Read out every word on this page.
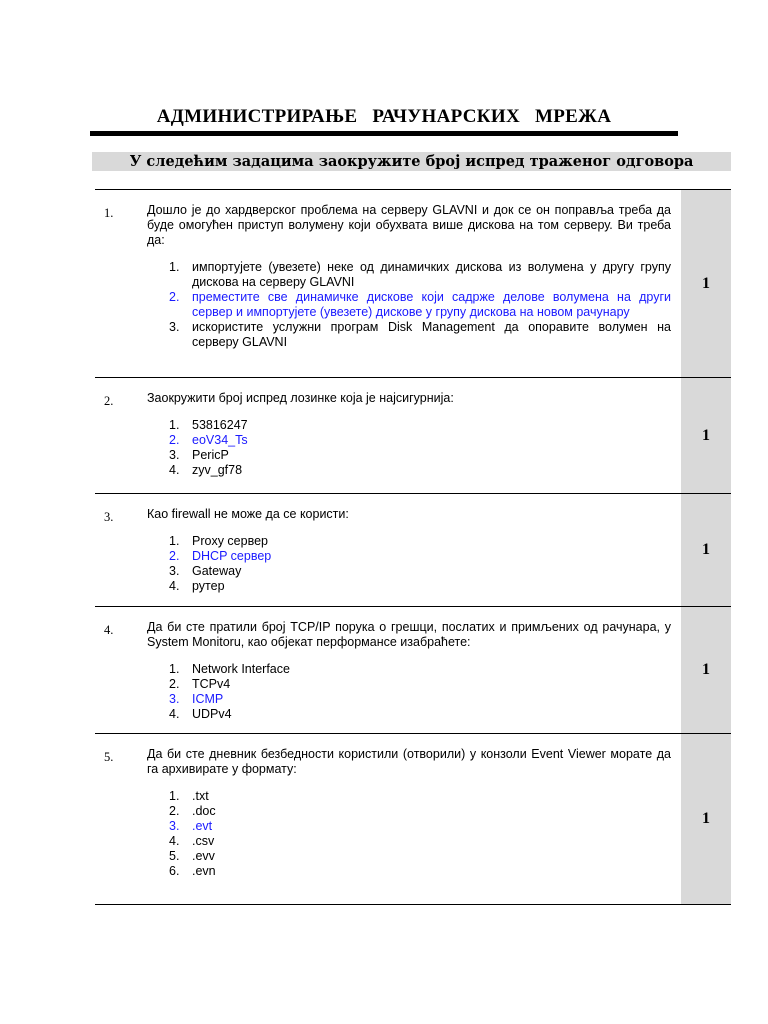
АДМИНИСТРИРАЊЕ РАЧУНАРСКИХ МРЕЖА
У следећим задацима заокружите број испред траженог одговора
1.	Дошло је до хардверског проблема на серверу GLAVNI и док се он поправља треба да буде омогућен приступ волумену који обухвата више дискова на том серверу. Ви треба да:
1. импортујете (увезете) неке од динамичких дискова из волумена у другу групу дискова на серверу GLAVNI
2. преместите све динамичке дискове који садрже делове волумена на други сервер и импортујете (увезете) дискове у групу дискова на новом рачунару
3. искористите услужни програм Disk Management да опоравите волумен на серверу GLAVNI
1
2.	Заокружити број испред лозинке која је најсигурнија:
1. 53816247
2. eoV34_Ts
3. PericP
4. zyv_gf78
1
3.	Као firewall не може да се користи:
1. Proxy сервер
2. DHCP сервер
3. Gateway
4. рутер
1
4.	Да би сте пратили број TCP/IP порука о грешци, послатих и примљених од рачунара, у System Monitoru, као објекат перформансе изабраћете:
1. Network Interface
2. TCPv4
3. ICMP
4. UDPv4
1
5.	Да би сте дневник безбедности користили (отворили) у конзоли Event Viewer морате да га архивирате у формату:
1. .txt
2. .doc
3. .evt
4. .csv
5. .evv
6. .evn
1
